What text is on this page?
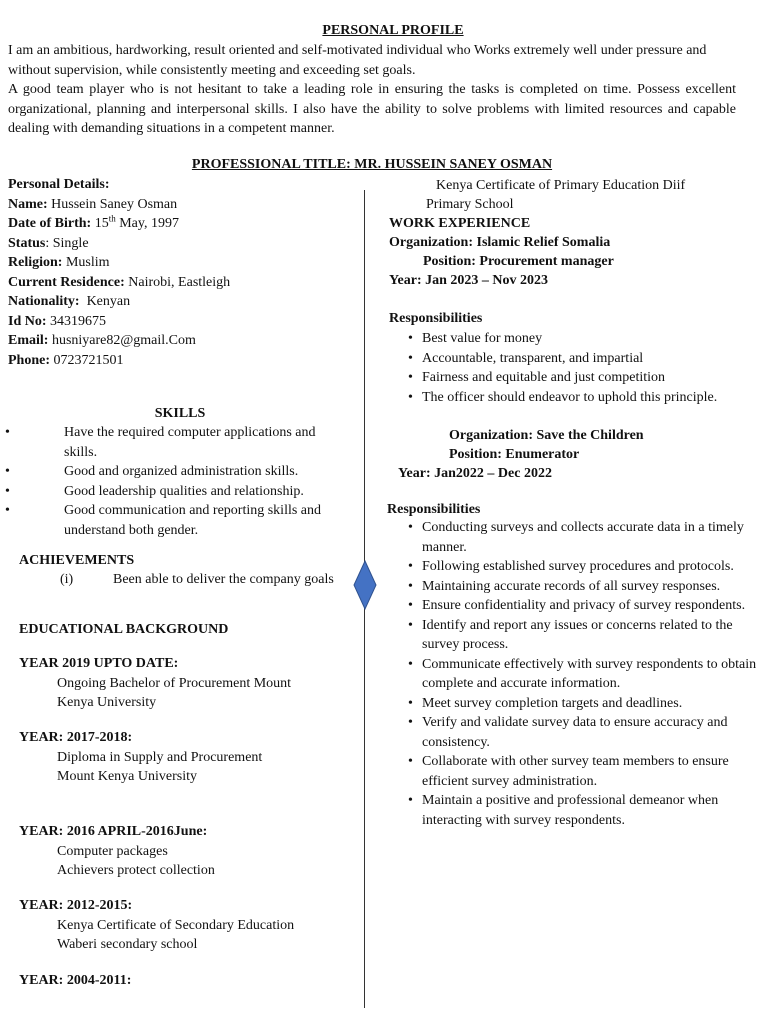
PERSONAL PROFILE
I am an ambitious, hardworking, result oriented and self-motivated individual who Works extremely well under pressure and without supervision, while consistently meeting and exceeding set goals.
A good team player who is not hesitant to take a leading role in ensuring the tasks is completed on time. Possess excellent organizational, planning and interpersonal skills. I also have the ability to solve problems with limited resources and capable dealing with demanding situations in a competent manner.
PROFESSIONAL TITLE: MR. HUSSEIN SANEY OSMAN
Personal Details:
Name: Hussein Saney Osman
Date of Birth: 15th May, 1997
Status: Single
Religion: Muslim
Current Residence: Nairobi, Eastleigh
Nationality:  Kenyan
Id No: 34319675
Email: husniyare82@gmail.Com
Phone: 0723721501
SKILLS
• Have the required computer applications and skills.
• Good and organized administration skills.
• Good leadership qualities and relationship.
• Good communication and reporting skills and understand both gender.
ACHIEVEMENTS
(i)	Been able to deliver the company goals
EDUCATIONAL BACKGROUND
YEAR 2019 UPTO DATE:
Ongoing Bachelor of Procurement Mount
Kenya University
YEAR: 2017-2018:
Diploma in Supply and Procurement
Mount Kenya University
YEAR: 2016 APRIL-2016June:
Computer packages
Achievers protect collection
YEAR: 2012-2015:
Kenya Certificate of Secondary Education
Waberi secondary school
YEAR: 2004-2011:
Kenya Certificate of Primary Education Diif
Primary School
WORK EXPERIENCE
Organization: Islamic Relief Somalia
Position: Procurement manager
Year: Jan 2023 – Nov 2023
Responsibilities
• Best value for money
• Accountable, transparent, and impartial
• Fairness and equitable and just competition
• The officer should endeavor to uphold this principle.
Organization: Save the Children
Position: Enumerator
Year: Jan2022 – Dec 2022
Responsibilities
• Conducting surveys and collects accurate data in a timely manner.
• Following established survey procedures and protocols.
• Maintaining accurate records of all survey responses.
• Ensure confidentiality and privacy of survey respondents.
• Identify and report any issues or concerns related to the survey process.
• Communicate effectively with survey respondents to obtain complete and accurate information.
• Meet survey completion targets and deadlines.
• Verify and validate survey data to ensure accuracy and consistency.
• Collaborate with other survey team members to ensure efficient survey administration.
• Maintain a positive and professional demeanor when interacting with survey respondents.
